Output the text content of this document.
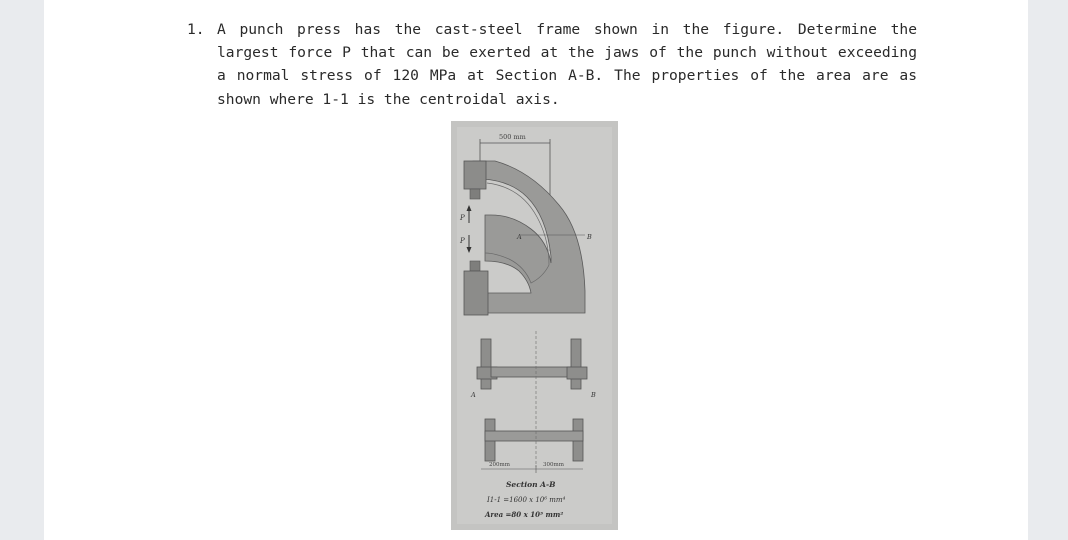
1. A punch press has the cast-steel frame shown in the figure. Determine the largest force P that can be exerted at the jaws of the punch without exceeding a normal stress of 120 MPa at Section A-B. The properties of the area are as shown where 1-1 is the centroidal axis.
500 mm
P
P	A	B
A	B
200mm	300mm
Section A-B
I1-1 =1600 x 10⁶ mm⁴
Area =80 x 10³ mm²
